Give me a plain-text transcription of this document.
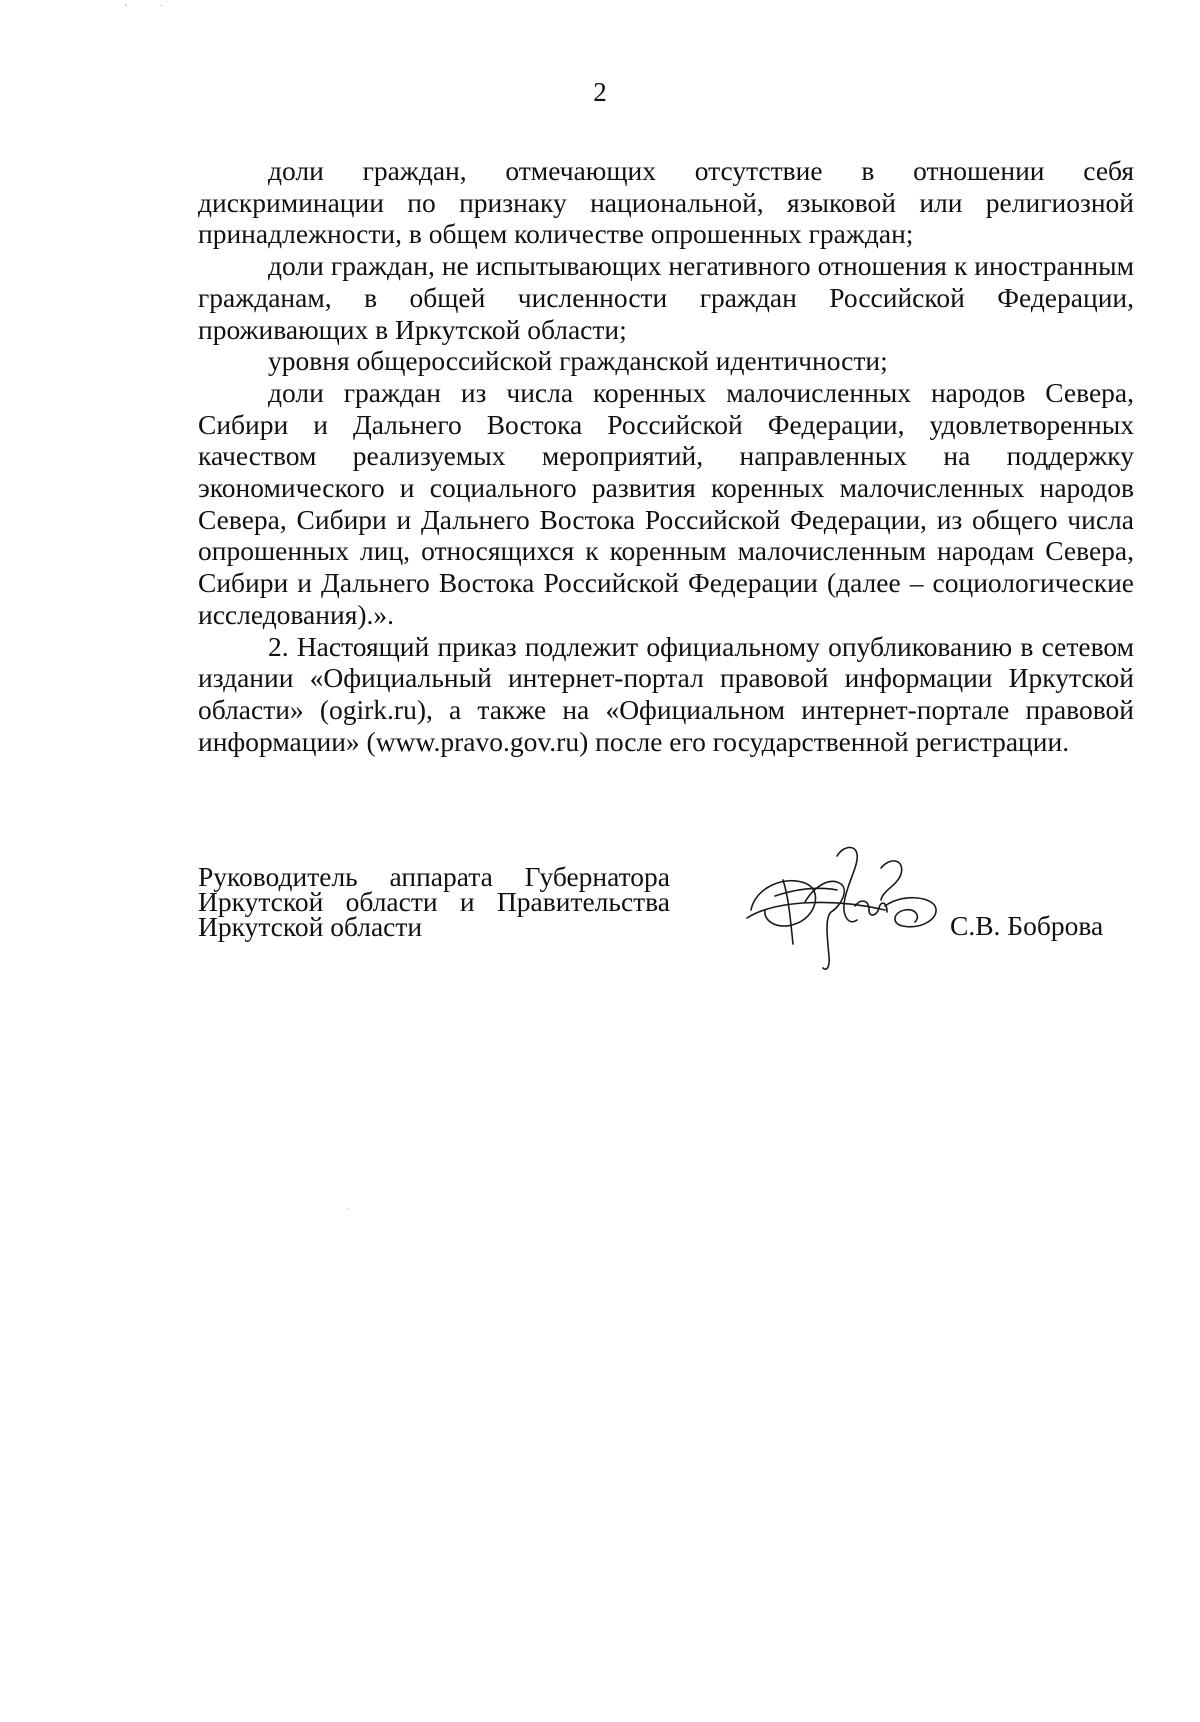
2

доли граждан, отмечающих отсутствие в отношении себя дискриминации по признаку национальной, языковой или религиозной принадлежности, в общем количестве опрошенных граждан;

доли граждан, не испытывающих негативного отношения к иностранным гражданам, в общей численности граждан Российской Федерации, проживающих в Иркутской области;

уровня общероссийской гражданской идентичности;

доли граждан из числа коренных малочисленных народов Севера, Сибири и Дальнего Востока Российской Федерации, удовлетворенных качеством реализуемых мероприятий, направленных на поддержку экономического и социального развития коренных малочисленных народов Севера, Сибири и Дальнего Востока Российской Федерации, из общего числа опрошенных лиц, относящихся к коренным малочисленным народам Севера, Сибири и Дальнего Востока Российской Федерации (далее – социологические исследования).».

2. Настоящий приказ подлежит официальному опубликованию в сетевом издании «Официальный интернет-портал правовой информации Иркутской области» (ogirk.ru), а также на «Официальном интернет-портале правовой информации» (www.pravo.gov.ru) после его государственной регистрации.

Руководитель аппарата Губернатора
Иркутской области и Правительства
Иркутской области	С.В. Боброва
